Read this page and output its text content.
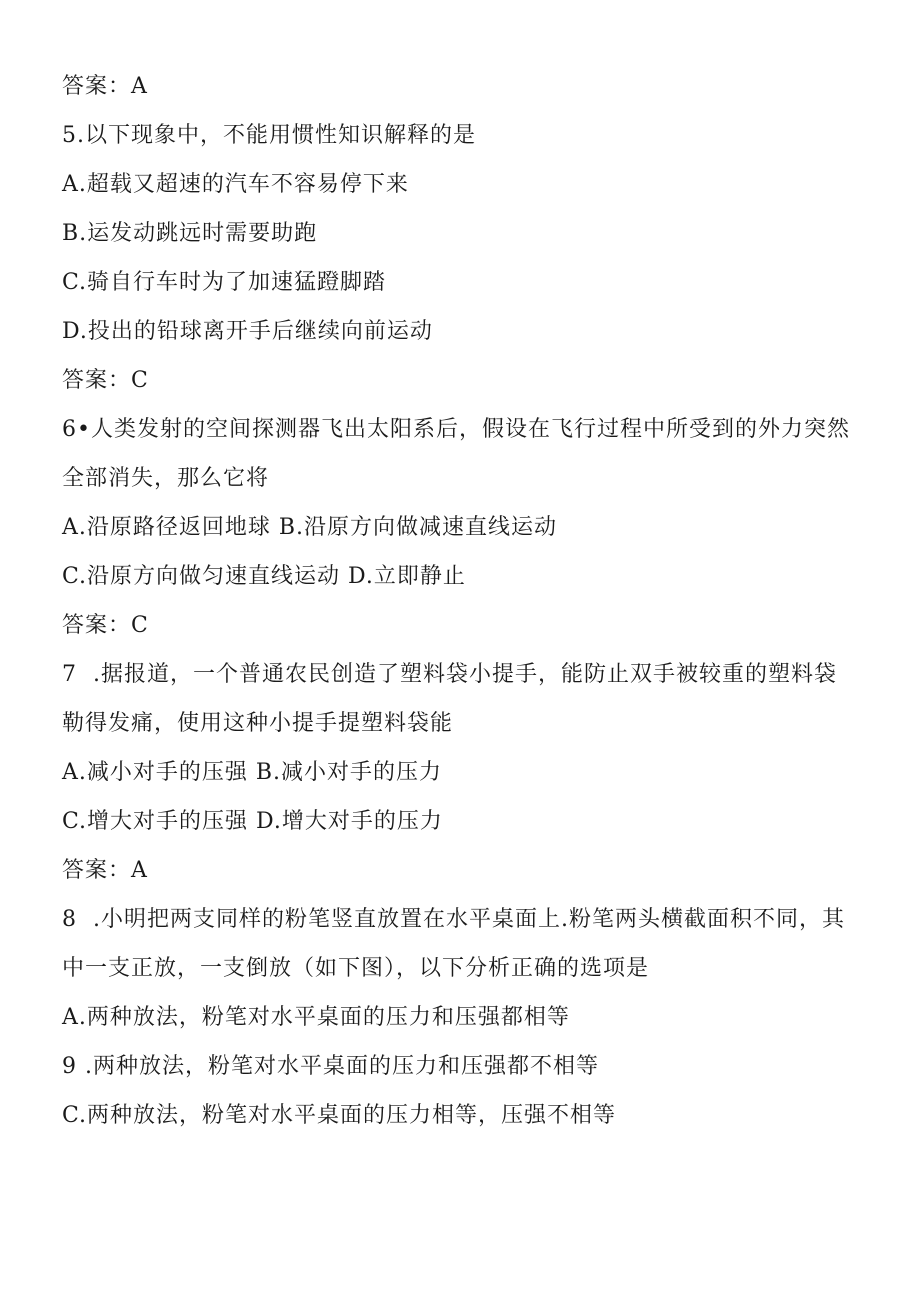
答案：A
5.以下现象中，不能用惯性知识解释的是
A.超载又超速的汽车不容易停下来
B.运发动跳远时需要助跑
C.骑自行车时为了加速猛蹬脚踏
D.投出的铅球离开手后继续向前运动
答案：C
6•人类发射的空间探测器飞出太阳系后，假设在飞行过程中所受到的外力突然
全部消失，那么它将
A.沿原路径返回地球 B.沿原方向做减速直线运动
C.沿原方向做匀速直线运动 D.立即静止
答案：C
7  .据报道，一个普通农民创造了塑料袋小提手，能防止双手被较重的塑料袋
勒得发痛，使用这种小提手提塑料袋能
A.减小对手的压强 B.减小对手的压力
C.增大对手的压强 D.增大对手的压力
答案：A
8  .小明把两支同样的粉笔竖直放置在水平桌面上.粉笔两头横截面积不同，其
中一支正放，一支倒放（如下图），以下分析正确的选项是
A.两种放法，粉笔对水平桌面的压力和压强都相等
9 .两种放法，粉笔对水平桌面的压力和压强都不相等
C.两种放法，粉笔对水平桌面的压力相等，压强不相等
